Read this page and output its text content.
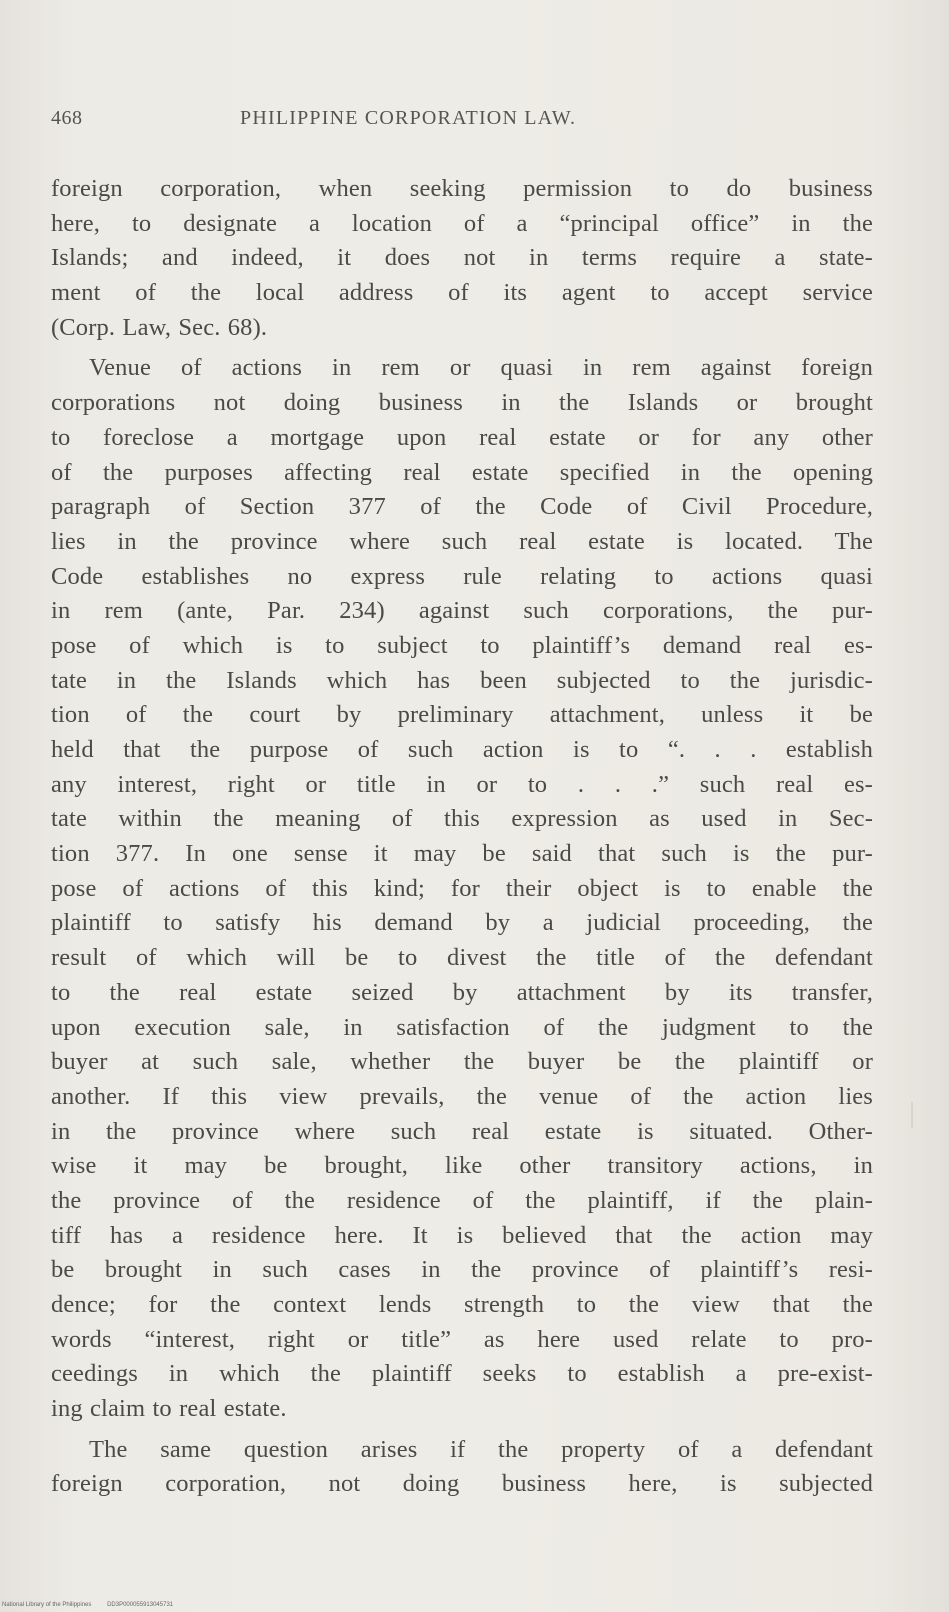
468	PHILIPPINE CORPORATION LAW.
foreign corporation, when seeking permission to do business
here, to designate a location of a “principal office” in the
Islands; and indeed, it does not in terms require a state-
ment of the local address of its agent to accept service
(Corp. Law, Sec. 68).
Venue of actions in rem or quasi in rem against foreign
corporations not doing business in the Islands or brought
to foreclose a mortgage upon real estate or for any other
of the purposes affecting real estate specified in the opening
paragraph of Section 377 of the Code of Civil Procedure,
lies in the province where such real estate is located. The
Code establishes no express rule relating to actions quasi
in rem (ante, Par. 234) against such corporations, the pur-
pose of which is to subject to plaintiff’s demand real es-
tate in the Islands which has been subjected to the jurisdic-
tion of the court by preliminary attachment, unless it be
held that the purpose of such action is to “. . . establish
any interest, right or title in or to . . .” such real es-
tate within the meaning of this expression as used in Sec-
tion 377. In one sense it may be said that such is the pur-
pose of actions of this kind; for their object is to enable the
plaintiff to satisfy his demand by a judicial proceeding, the
result of which will be to divest the title of the defendant
to the real estate seized by attachment by its transfer,
upon execution sale, in satisfaction of the judgment to the
buyer at such sale, whether the buyer be the plaintiff or
another. If this view prevails, the venue of the action lies
in the province where such real estate is situated. Other-
wise it may be brought, like other transitory actions, in
the province of the residence of the plaintiff, if the plain-
tiff has a residence here. It is believed that the action may
be brought in such cases in the province of plaintiff’s resi-
dence; for the context lends strength to the view that the
words “interest, right or title” as here used relate to pro-
ceedings in which the plaintiff seeks to establish a pre-exist-
ing claim to real estate.
The same question arises if the property of a defendant
foreign corporation, not doing business here, is subjected
National Library of the Philippines	DD3P000055913045731
